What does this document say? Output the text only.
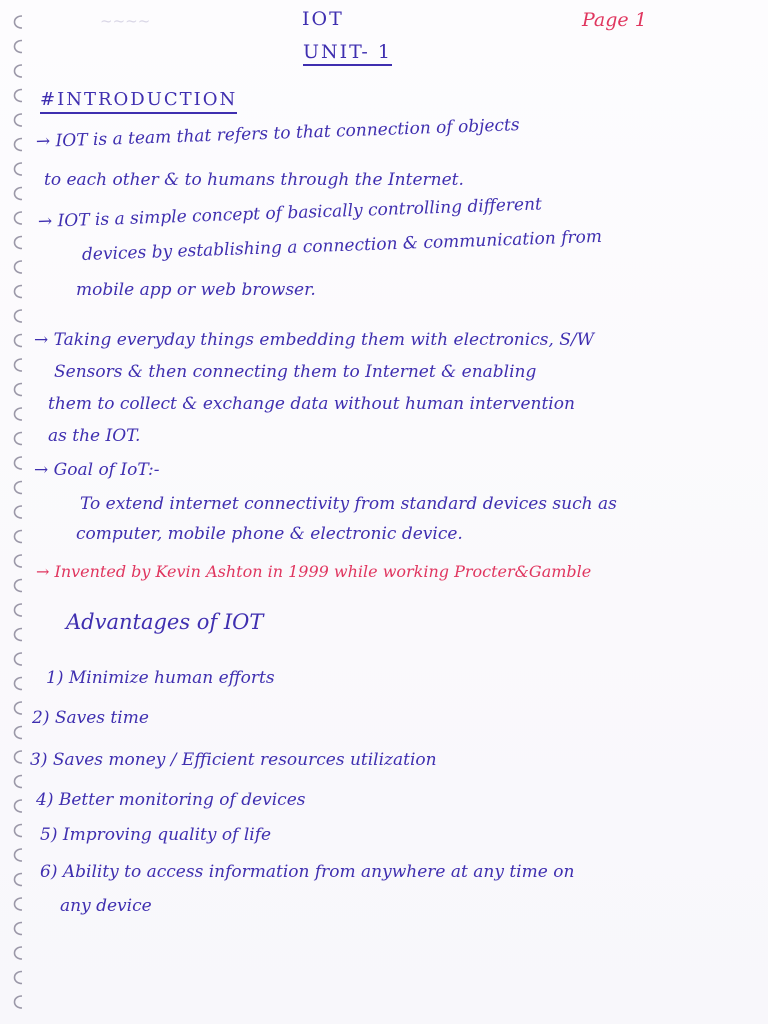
~~~~	IOT
UNIT- 1
Page 1
#INTRODUCTION
→ IOT is a team that refers to that connection of objects
to each other & to humans through the Internet.
→ IOT is a simple concept of basically controlling different
devices by establishing a connection & communication from
mobile app or web browser.
→ Taking everyday things embedding them with electronics, S/W
Sensors & then connecting them to Internet & enabling
them to collect & exchange data without human intervention
as the IOT.
→ Goal of IoT:-
To extend internet connectivity from standard devices such as
computer, mobile phone & electronic device.
→ Invented by Kevin Ashton in 1999 while working Procter&Gamble
Advantages of IOT
1) Minimize human efforts
2) Saves time
3) Saves money / Efficient resources utilization
4) Better monitoring of devices
5) Improving quality of life
6) Ability to access information from anywhere at any time on
any device
